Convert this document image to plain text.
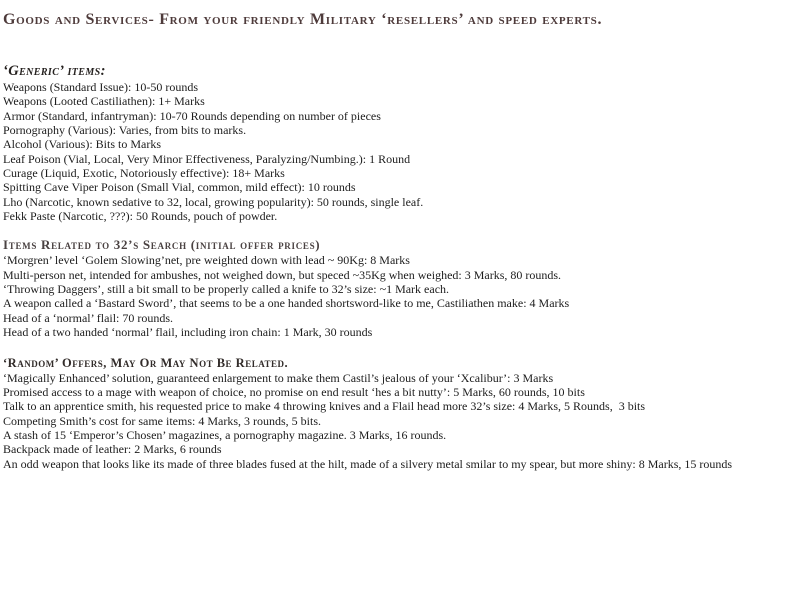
Goods and Services- From your friendly Military ‘resellers’ and speed experts.
‘Generic’ items:

Weapons (Standard Issue): 10-50 rounds

Weapons (Looted Castiliathen): 1+ Marks

Armor (Standard, infantryman): 10-70 Rounds depending on number of pieces

Pornography (Various): Varies, from bits to marks.

Alcohol (Various): Bits to Marks

Leaf Poison (Vial, Local, Very Minor Effectiveness, Paralyzing/Numbing.): 1 Round

Curage (Liquid, Exotic, Notoriously effective): 18+ Marks

Spitting Cave Viper Poison (Small Vial, common, mild effect): 10 rounds

Lho (Narcotic, known sedative to 32, local, growing popularity): 50 rounds, single leaf.

Fekk Paste (Narcotic, ???): 50 Rounds, pouch of powder.

Items Related to 32’s Search (initial offer prices)

‘Morgren’ level ‘Golem Slowing’net, pre weighted down with lead ~ 90Kg: 8 Marks

Multi-person net, intended for ambushes, not weighed down, but speced ~35Kg when weighed: 3 Marks, 80 rounds.

‘Throwing Daggers’, still a bit small to be properly called a knife to 32’s size: ~1 Mark each.

A weapon called a ‘Bastard Sword’, that seems to be a one handed shortsword-like to me, Castiliathen make: 4 Marks

Head of a ‘normal’ flail: 70 rounds.

Head of a two handed ‘normal’ flail, including iron chain: 1 Mark, 30 rounds

‘Random’ Offers, May Or May Not Be Related.

‘Magically Enhanced’ solution, guaranteed enlargement to make them Castil’s jealous of your ‘Xcalibur’: 3 Marks

Promised access to a mage with weapon of choice, no promise on end result ‘hes a bit nutty’: 5 Marks, 60 rounds, 10 bits

Talk to an apprentice smith, his requested price to make 4 throwing knives and a Flail head more 32’s size: 4 Marks, 5 Rounds,  3 bits

Competing Smith’s cost for same items: 4 Marks, 3 rounds, 5 bits.

A stash of 15 ‘Emperor’s Chosen’ magazines, a pornography magazine. 3 Marks, 16 rounds.

Backpack made of leather: 2 Marks, 6 rounds

An odd weapon that looks like its made of three blades fused at the hilt, made of a silvery metal smilar to my spear, but more shiny: 8 Marks, 15 rounds
